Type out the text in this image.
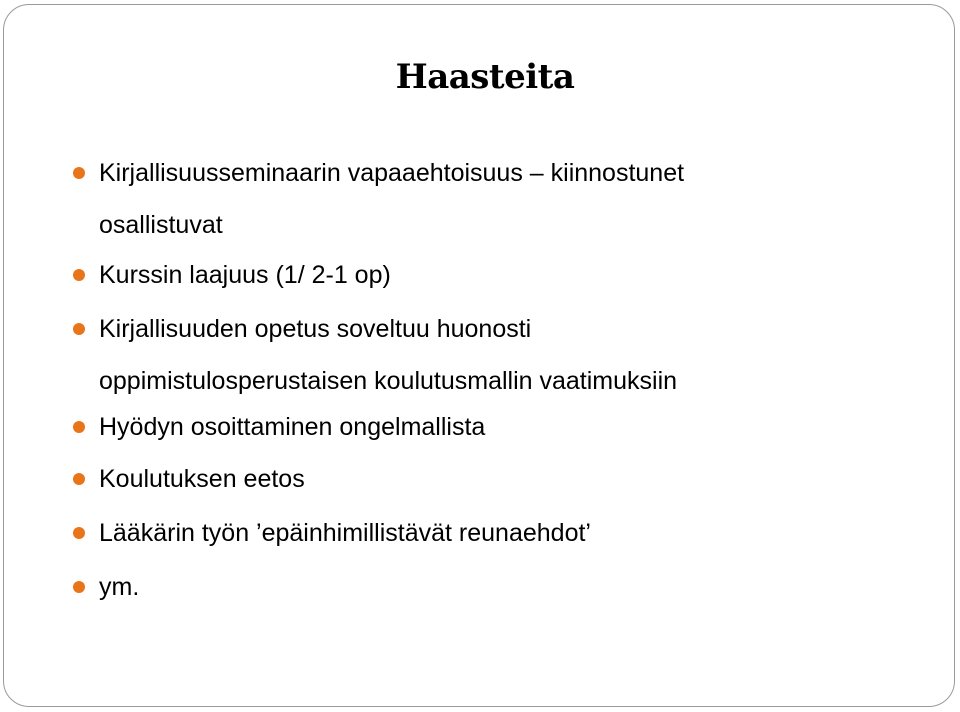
Haasteita
Kirjallisuusseminaarin vapaaehtoisuus – kiinnostunet
osallistuvat
Kurssin laajuus (1/ 2-1 op)
Kirjallisuuden opetus soveltuu huonosti
oppimistulosperustaisen koulutusmallin vaatimuksiin
Hyödyn osoittaminen ongelmallista
Koulutuksen eetos
Lääkärin työn ’epäinhimillistävät reunaehdot’
ym.
